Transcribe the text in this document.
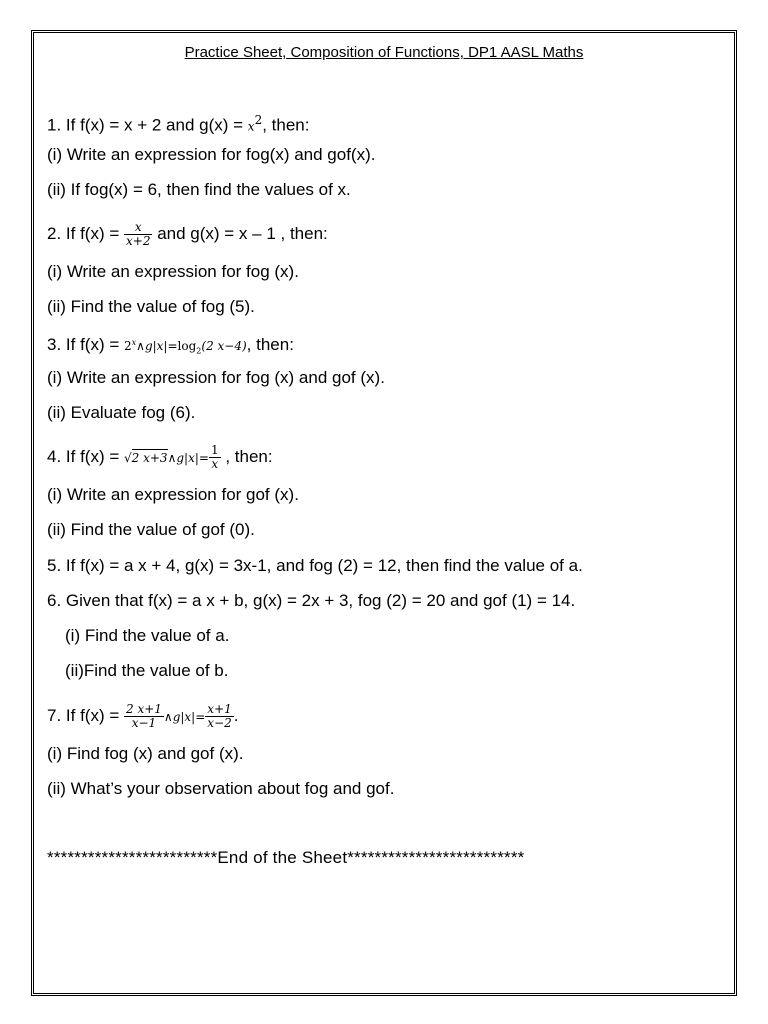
Practice Sheet, Composition of Functions, DP1 AASL Maths
1. If f(x) = x + 2 and $g(x) = x^2$, then:
(i) Write an expression for fog(x) and gof(x).
(ii) If fog(x) = 6, then find the values of x.
2. If $f(x) = \frac{x}{x+2}$ and g(x) = x – 1 , then:
(i) Write an expression for fog (x).
(ii) Find the value of fog (5).
3. If $f(x) = 2^x\wedge g|x|=\log_2(2$ x−4), then:
(i) Write an expression for fog (x) and gof (x).
(ii) Evaluate fog (6).
4. If f(x) = √2 x+3∧g|x|= $\frac{1}{x}$ , then:
(i) Write an expression for gof (x).
(ii) Find the value of gof (0).
5. If f(x) = a x + 4, g(x) = 3x-1, and fog (2) = 12, then find the value of a.
6. Given that f(x) = a x + b, g(x) = 2x + 3, fog (2) = 20 and gof (1) = 14.
(i) Find the value of a.
(ii)Find the value of b.
7. If $f(x) = \frac{2 x+1}{x-1}$ ∧g|x|= $\frac{x+1}{x-2}$ .
(i) Find fog (x) and gof (x).
(ii) What’s your observation about fog and gof.
*************************End of the Sheet**************************
